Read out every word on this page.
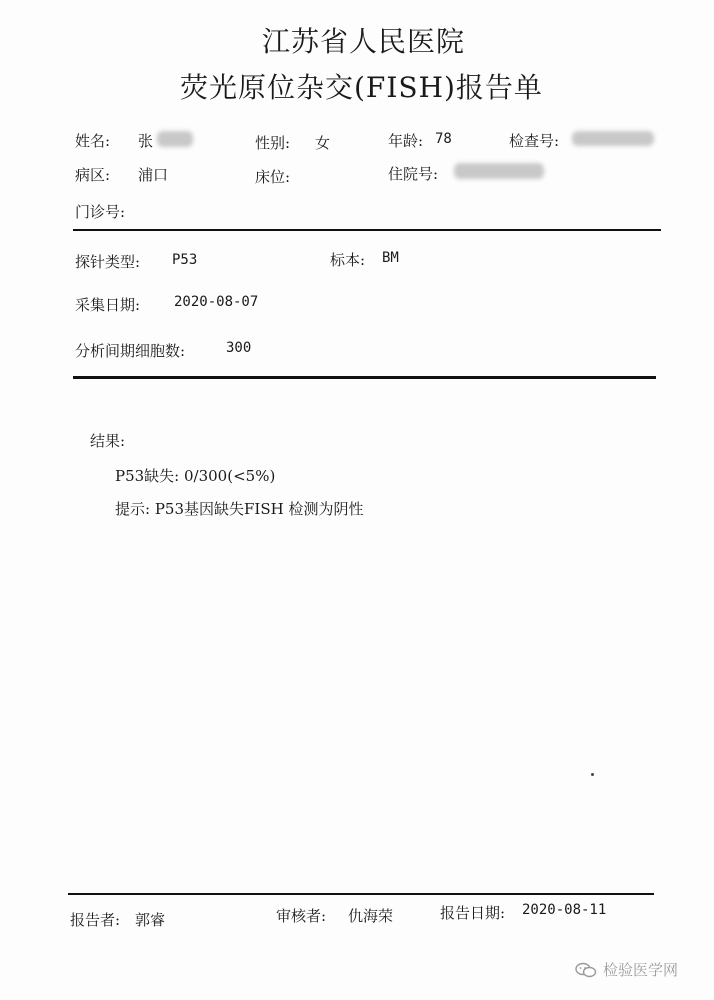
江苏省人民医院
荧光原位杂交(FISH)报告单
姓名: 张	性别: 女	年龄: 78	检查号:
病区: 浦口	床位:	住院号:
门诊号:
探针类型: P53	标本: BM
采集日期: 2020-08-07
分析间期细胞数:	300
结果:
P53缺失: 0/300(<5%)
提示: P53基因缺失FISH 检测为阴性
报告者: 郭睿	审核者: 仇海荣	报告日期: 2020-08-11
检验医学网
